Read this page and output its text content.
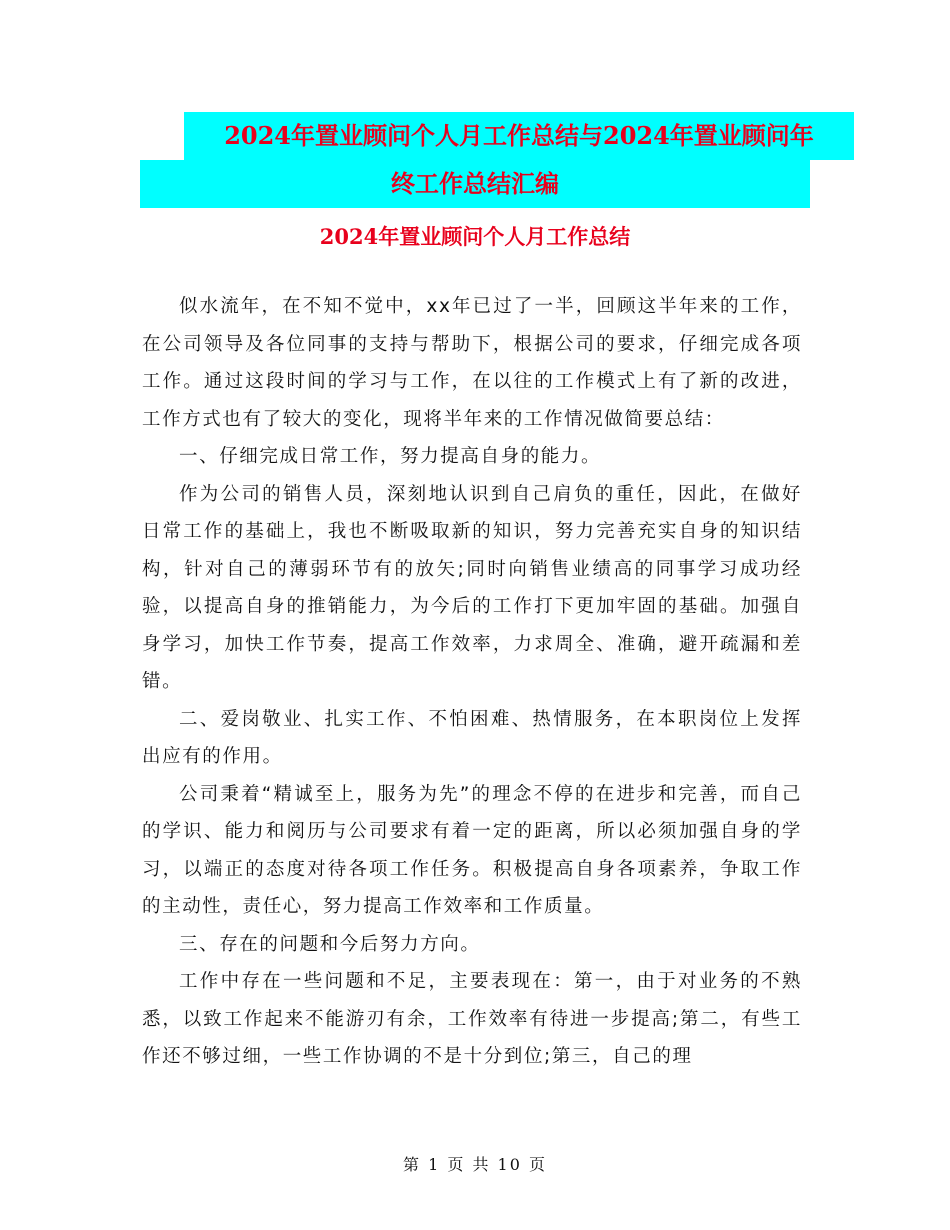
2024年置业顾问个人月工作总结与2024年置业顾问年
终工作总结汇编
2024年置业顾问个人月工作总结

似水流年，在不知不觉中，xx年已过了一半，回顾这半年来的工作，在公司领导及各位同事的支持与帮助下，根据公司的要求，仔细完成各项工作。通过这段时间的学习与工作，在以往的工作模式上有了新的改进，工作方式也有了较大的变化，现将半年来的工作情况做简要总结：

一、仔细完成日常工作，努力提高自身的能力。

作为公司的销售人员，深刻地认识到自己肩负的重任，因此，在做好日常工作的基础上，我也不断吸取新的知识，努力完善充实自身的知识结构，针对自己的薄弱环节有的放矢;同时向销售业绩高的同事学习成功经验，以提高自身的推销能力，为今后的工作打下更加牢固的基础。加强自身学习，加快工作节奏，提高工作效率，力求周全、准确，避开疏漏和差错。

二、爱岗敬业、扎实工作、不怕困难、热情服务，在本职岗位上发挥出应有的作用。

公司秉着“精诚至上，服务为先”的理念不停的在进步和完善，而自己的学识、能力和阅历与公司要求有着一定的距离，所以必须加强自身的学习，以端正的态度对待各项工作任务。积极提高自身各项素养，争取工作的主动性，责任心，努力提高工作效率和工作质量。

三、存在的问题和今后努力方向。

工作中存在一些问题和不足，主要表现在：第一，由于对业务的不熟悉，以致工作起来不能游刃有余，工作效率有待进一步提高;第二，有些工作还不够过细，一些工作协调的不是十分到位;第三，自己的理

第 1 页 共 10 页
